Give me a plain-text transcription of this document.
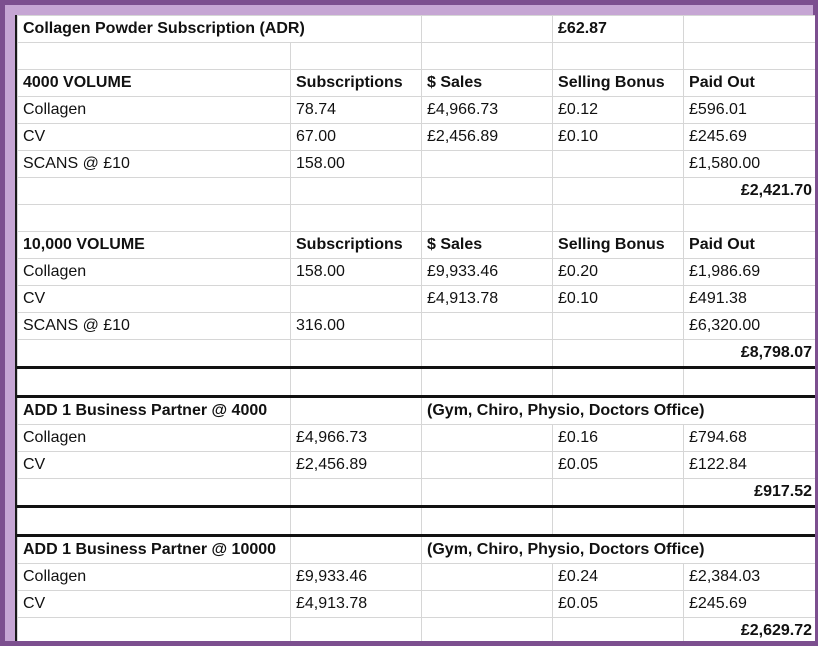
Collagen Powder Subscription (ADR)			£62.87	

4000 VOLUME	Subscriptions	$ Sales	Selling Bonus	Paid Out
Collagen	78.74	£4,966.73	£0.12	£596.01
CV	67.00	£2,456.89	£0.10	£245.69
SCANS @ £10	158.00			£1,580.00
				£2,421.70

10,000 VOLUME	Subscriptions	$ Sales	Selling Bonus	Paid Out
Collagen	158.00	£9,933.46	£0.20	£1,986.69
CV		£4,913.78	£0.10	£491.38
SCANS @ £10	316.00			£6,320.00
				£8,798.07

ADD 1 Business Partner @ 4000		(Gym, Chiro, Physio, Doctors Office)		
Collagen	£4,966.73		£0.16	£794.68
CV	£2,456.89		£0.05	£122.84
				£917.52

ADD 1 Business Partner @ 10000		(Gym, Chiro, Physio, Doctors Office)		
Collagen	£9,933.46		£0.24	£2,384.03
CV	£4,913.78		£0.05	£245.69
				£2,629.72
